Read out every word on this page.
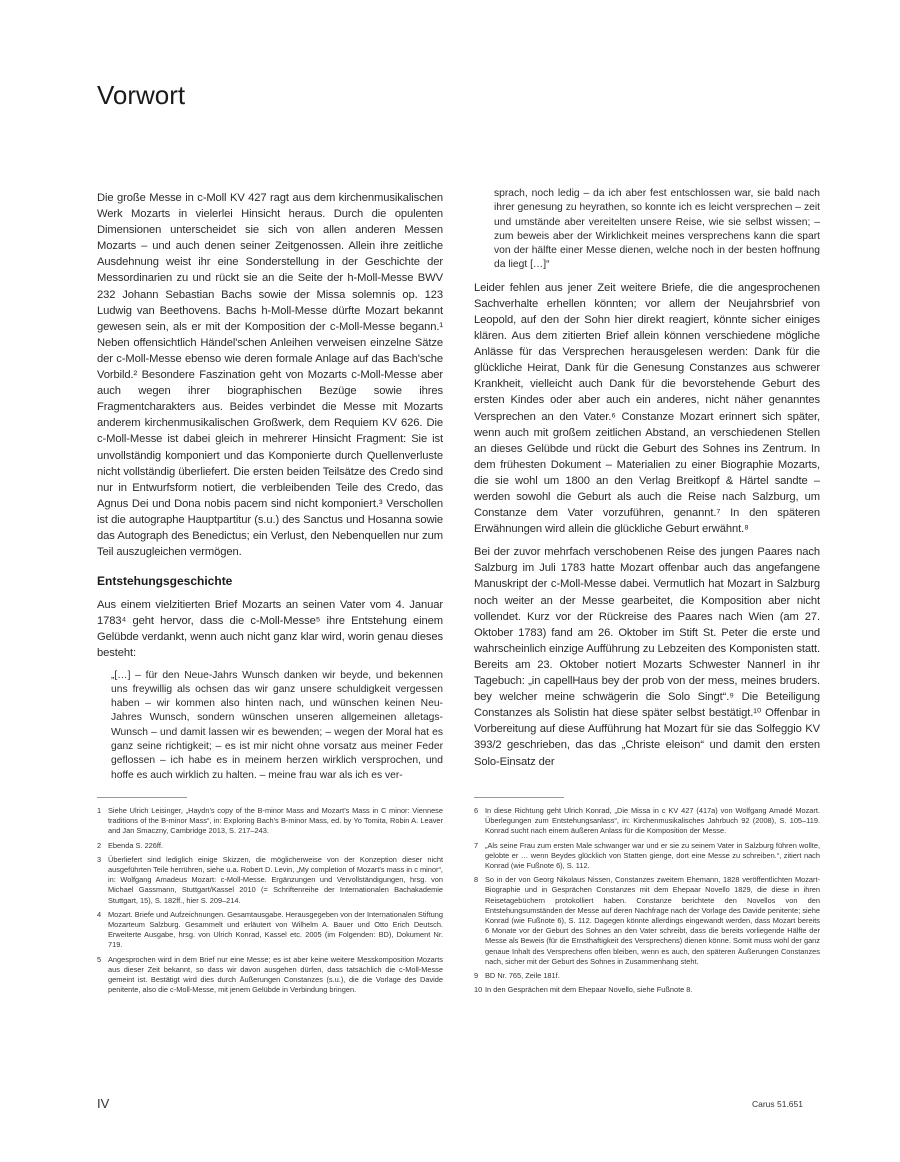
Vorwort

Die große Messe in c-Moll KV 427 ragt aus dem kirchenmusikalischen Werk Mozarts in vielerlei Hinsicht heraus. Durch die opulenten Dimensionen unterscheidet sie sich von allen anderen Messen Mozarts – und auch denen seiner Zeitgenossen. Allein ihre zeitliche Ausdehnung weist ihr eine Sonderstellung in der Geschichte der Messordinarien zu und rückt sie an die Seite der h-Moll-Messe BWV 232 Johann Sebastian Bachs sowie der Missa solemnis op. 123 Ludwig van Beethovens. Bachs h-Moll-Messe dürfte Mozart bekannt gewesen sein, als er mit der Komposition der c-Moll-Messe begann.¹ Neben offensichtlich Händel'schen Anleihen verweisen einzelne Sätze der c-Moll-Messe ebenso wie deren formale Anlage auf das Bach'sche Vorbild.² Besondere Faszination geht von Mozarts c-Moll-Messe aber auch wegen ihrer biographischen Bezüge sowie ihres Fragmentcharakters aus. Beides verbindet die Messe mit Mozarts anderem kirchenmusikalischen Großwerk, dem Requiem KV 626. Die c-Moll-Messe ist dabei gleich in mehrerer Hinsicht Fragment: Sie ist unvollständig komponiert und das Komponierte durch Quellenverluste nicht vollständig überliefert. Die ersten beiden Teilsätze des Credo sind nur in Entwurfsform notiert, die verbleibenden Teile des Credo, das Agnus Dei und Dona nobis pacem sind nicht komponiert.³ Verschollen ist die autographe Hauptpartitur (s.u.) des Sanctus und Hosanna sowie das Autograph des Benedictus; ein Verlust, den Nebenquellen nur zum Teil auszugleichen vermögen.

Entstehungsgeschichte

Aus einem vielzitierten Brief Mozarts an seinen Vater vom 4. Januar 1783⁴ geht hervor, dass die c-Moll-Messe⁵ ihre Entstehung einem Gelübde verdankt, wenn auch nicht ganz klar wird, worin genau dieses besteht:

„[…] – für den Neue-Jahrs Wunsch danken wir beyde, und bekennen uns freywillig als ochsen das wir ganz unsere schuldigkeit vergessen haben – wir kommen also hinten nach, und wünschen keinen Neu-Jahres Wunsch, sondern wünschen unseren allgemeinen alletags-Wunsch – und damit lassen wir es bewenden; – wegen der Moral hat es ganz seine richtigkeit; – es ist mir nicht ohne vorsatz aus meiner Feder geflossen – ich habe es in meinem herzen wirklich versprochen, und hoffe es auch wirklich zu halten. – meine frau war als ich es ver-

sprach, noch ledig – da ich aber fest entschlossen war, sie bald nach ihrer genesung zu heyrathen, so konnte ich es leicht versprechen – zeit und umstände aber vereitelten unsere Reise, wie sie selbst wissen; – zum beweis aber der Wirklichkeit meines versprechens kann die spart von der hälfte einer Messe dienen, welche noch in der besten hoffnung da liegt […]“

Leider fehlen aus jener Zeit weitere Briefe, die die angesprochenen Sachverhalte erhellen könnten; vor allem der Neujahrsbrief von Leopold, auf den der Sohn hier direkt reagiert, könnte sicher einiges klären. Aus dem zitierten Brief allein können verschiedene mögliche Anlässe für das Versprechen herausgelesen werden: Dank für die glückliche Heirat, Dank für die Genesung Constanzes aus schwerer Krankheit, vielleicht auch Dank für die bevorstehende Geburt des ersten Kindes oder aber auch ein anderes, nicht näher genanntes Versprechen an den Vater.⁶ Constanze Mozart erinnert sich später, wenn auch mit großem zeitlichen Abstand, an verschiedenen Stellen an dieses Gelübde und rückt die Geburt des Sohnes ins Zentrum. In dem frühesten Dokument – Materialien zu einer Biographie Mozarts, die sie wohl um 1800 an den Verlag Breitkopf & Härtel sandte – werden sowohl die Geburt als auch die Reise nach Salzburg, um Constanze dem Vater vorzuführen, genannt.⁷ In den späteren Erwähnungen wird allein die glückliche Geburt erwähnt.⁸

Bei der zuvor mehrfach verschobenen Reise des jungen Paares nach Salzburg im Juli 1783 hatte Mozart offenbar auch das angefangene Manuskript der c-Moll-Messe dabei. Vermutlich hat Mozart in Salzburg noch weiter an der Messe gearbeitet, die Komposition aber nicht vollendet. Kurz vor der Rückreise des Paares nach Wien (am 27. Oktober 1783) fand am 26. Oktober im Stift St. Peter die erste und wahrscheinlich einzige Aufführung zu Lebzeiten des Komponisten statt. Bereits am 23. Oktober notiert Mozarts Schwester Nannerl in ihr Tagebuch: „in capellHaus bey der prob von der mess, meines bruders. bey welcher meine schwägerin die Solo Singt“.⁹ Die Beteiligung Constanzes als Solistin hat diese später selbst bestätigt.¹⁰ Offenbar in Vorbereitung auf diese Aufführung hat Mozart für sie das Solfeggio KV 393/2 geschrieben, das das „Christe eleison“ und damit den ersten Solo-Einsatz der

1 Siehe Ulrich Leisinger, „Haydn's copy of the B-minor Mass and Mozart's Mass in C minor: Viennese traditions of the B-minor Mass“, in: Exploring Bach's B-minor Mass, ed. by Yo Tomita, Robin A. Leaver and Jan Smaczny, Cambridge 2013, S. 217–243.
2 Ebenda S. 226ff.
3 Überliefert sind lediglich einige Skizzen, die möglicherweise von der Konzeption dieser nicht ausgeführten Teile herrühren, siehe u.a. Robert D. Levin, „My completion of Mozart's mass in c minor“, in: Wolfgang Amadeus Mozart: c-Moll-Messe. Ergänzungen und Vervollständigungen, hrsg. von Michael Gassmann, Stuttgart/Kassel 2010 (= Schriftenreihe der Internationalen Bachakademie Stuttgart, 15), S. 182ff., hier S. 209–214.
4 Mozart. Briefe und Aufzeichnungen. Gesamtausgabe. Herausgegeben von der Internationalen Stiftung Mozarteum Salzburg. Gesammelt und erläutert von Wilhelm A. Bauer und Otto Erich Deutsch. Erweiterte Ausgabe, hrsg. von Ulrich Konrad, Kassel etc. 2005 (im Folgenden: BD), Dokument Nr. 719.
5 Angesprochen wird in dem Brief nur eine Messe; es ist aber keine weitere Messkomposition Mozarts aus dieser Zeit bekannt, so dass wir davon ausgehen dürfen, dass tatsächlich die c-Moll-Messe gemeint ist. Bestätigt wird dies durch Äußerungen Constanzes (s.u.), die die Vorlage des Davide penitente, also die c-Moll-Messe, mit jenem Gelübde in Verbindung bringen.
6 In diese Richtung geht Ulrich Konrad, „Die Missa in c KV 427 (417a) von Wolfgang Amadé Mozart. Überlegungen zum Entstehungsanlass“, in: Kirchenmusikalisches Jahrbuch 92 (2008), S. 105–119. Konrad sucht nach einem äußeren Anlass für die Komposition der Messe.
7 „Als seine Frau zum ersten Male schwanger war und er sie zu seinem Vater in Salzburg führen wollte, gelobte er … wenn Beydes glücklich von Statten gienge, dort eine Messe zu schreiben.“, zitiert nach Konrad (wie Fußnote 6), S. 112.
8 So in der von Georg Nikolaus Nissen, Constanzes zweitem Ehemann, 1828 veröffentlichten Mozart-Biographie und in Gesprächen Constanzes mit dem Ehepaar Novello 1829, die diese in ihren Reisetagebüchern protokolliert haben. Constanze berichtete den Novellos von den Entstehungsumständen der Messe auf deren Nachfrage nach der Vorlage des Davide penitente; siehe Konrad (wie Fußnote 6), S. 112. Dagegen könnte allerdings eingewandt werden, dass Mozart bereits 6 Monate vor der Geburt des Sohnes an den Vater schreibt, dass die bereits vorliegende Hälfte der Messe als Beweis (für die Ernsthaftigkeit des Versprechens) dienen könne. Somit muss wohl der ganz genaue Inhalt des Versprechens offen bleiben, wenn es auch, den späteren Äußerungen Constanzes nach, sicher mit der Geburt des Sohnes in Zusammenhang steht.
9 BD Nr. 765, Zeile 181f.
10 In den Gesprächen mit dem Ehepaar Novello, siehe Fußnote 8.
IV	Carus 51.651
